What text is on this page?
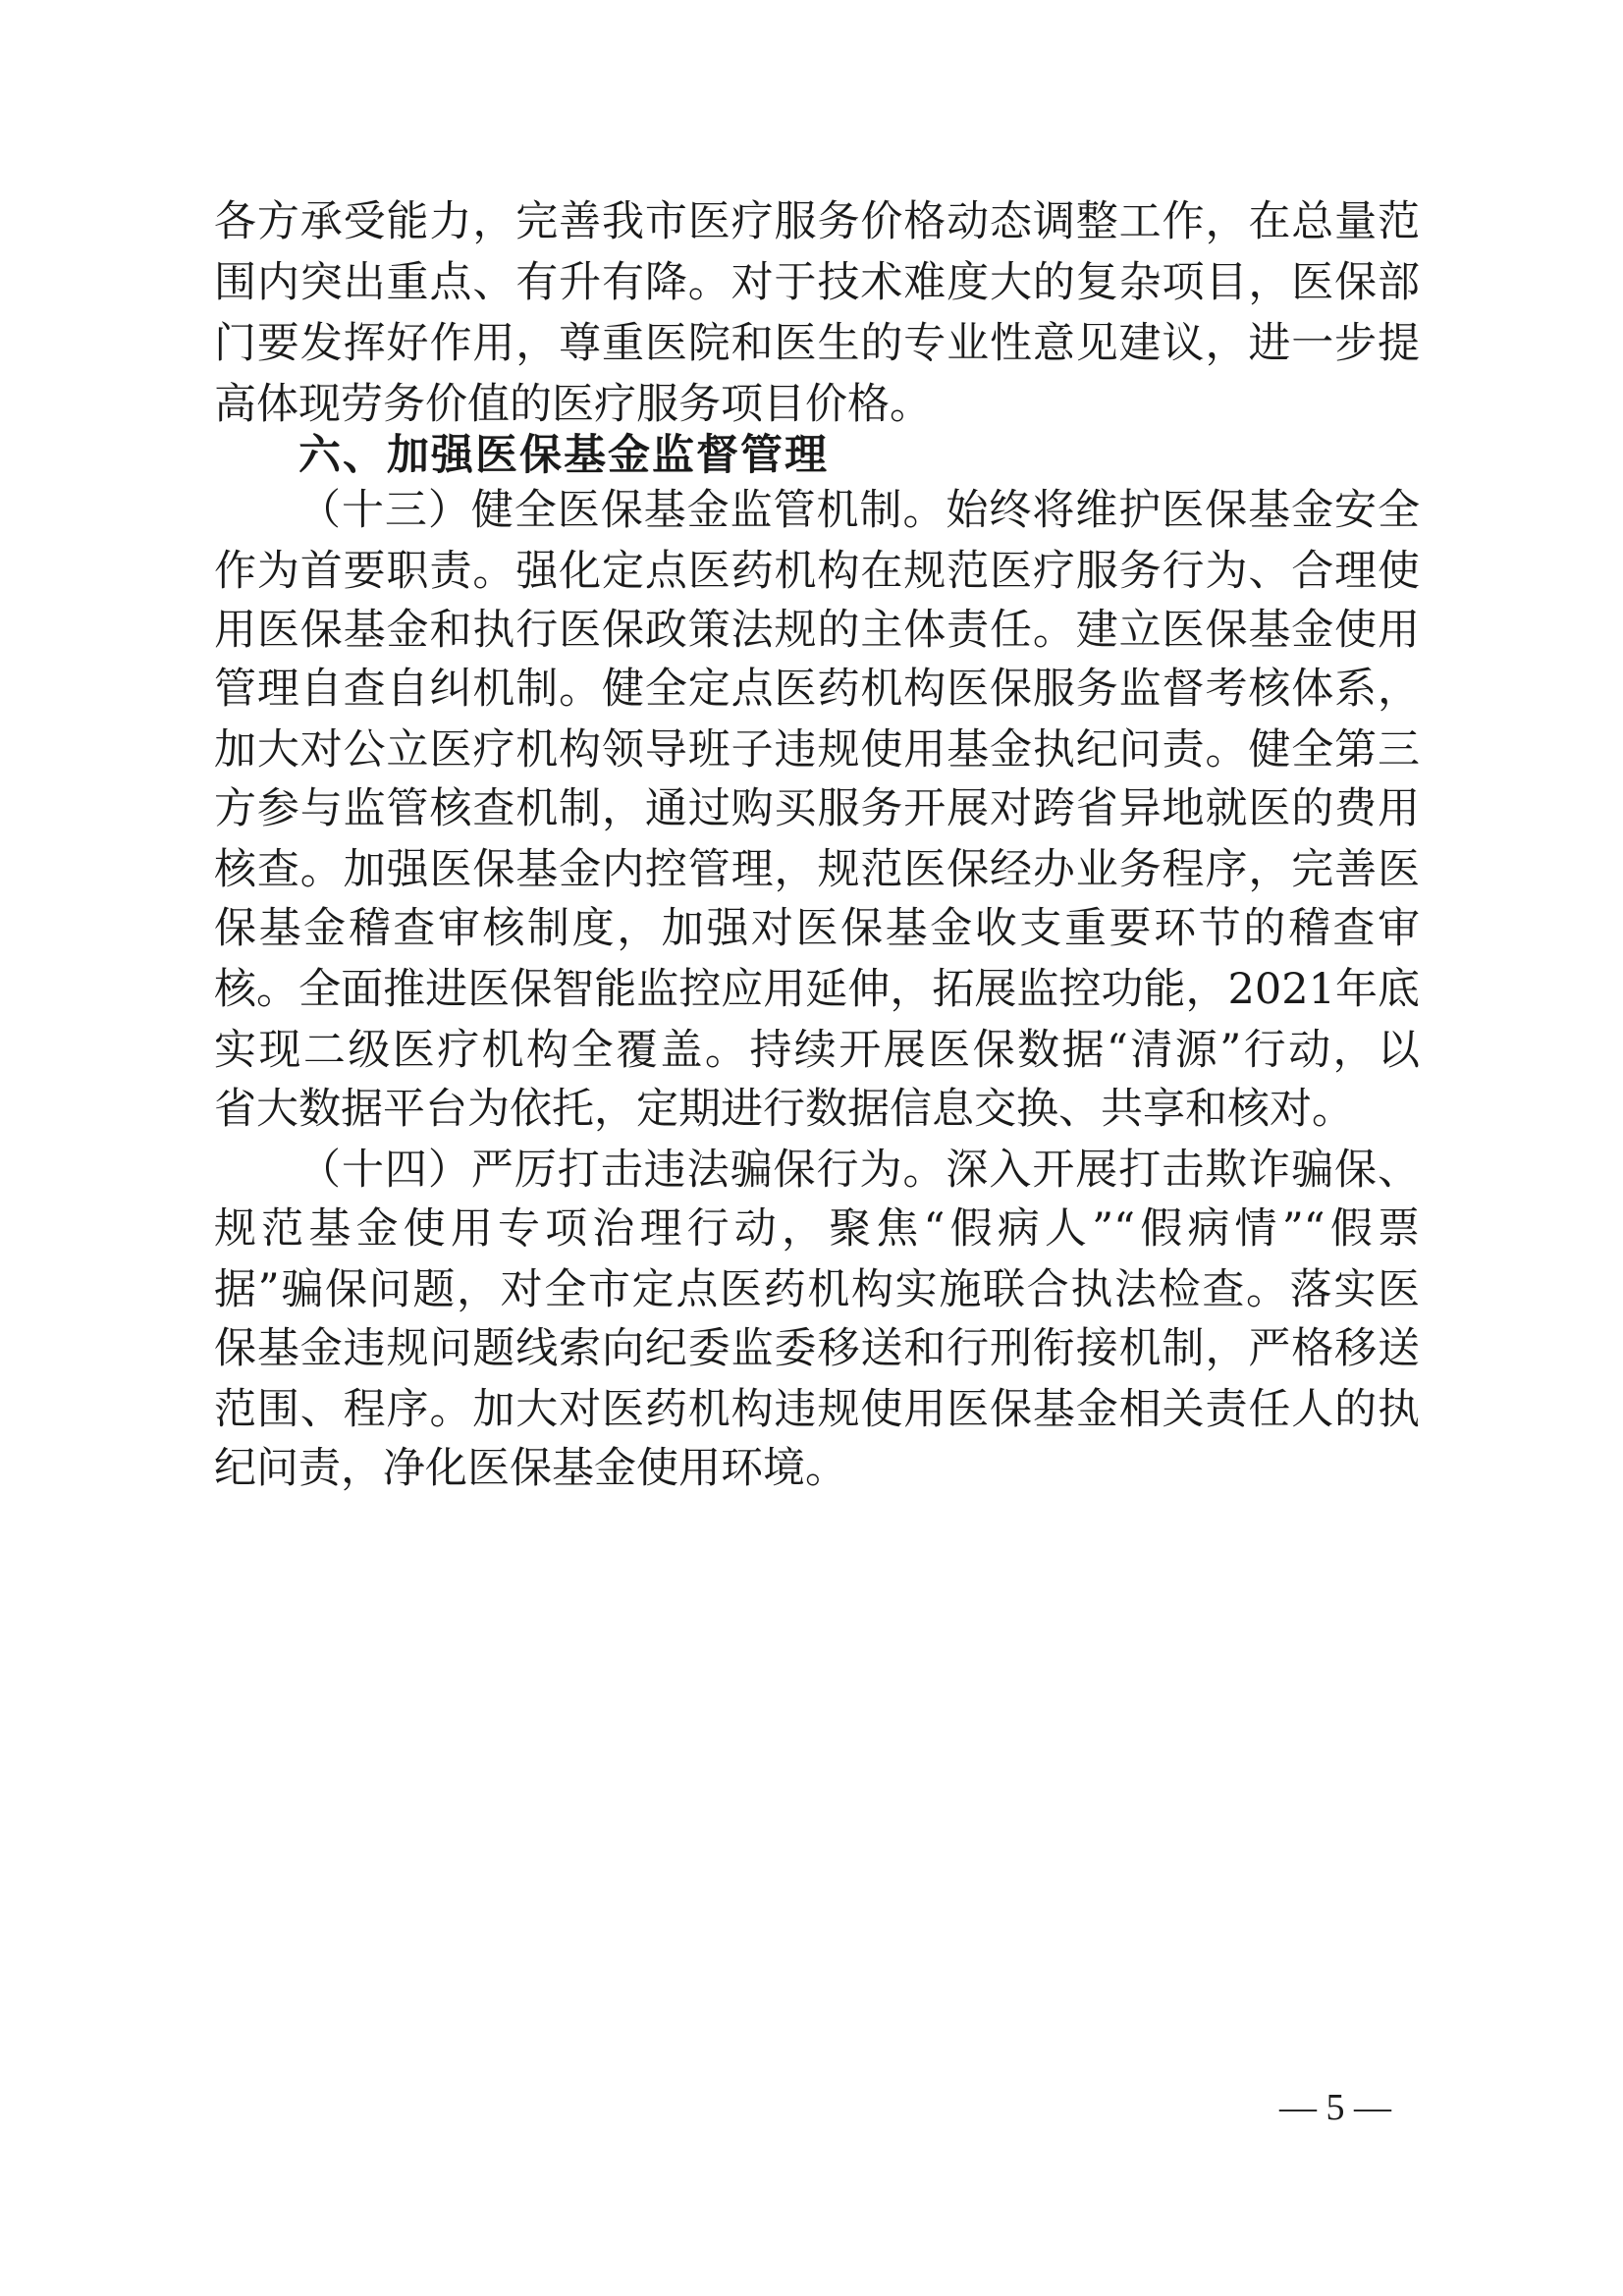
各方承受能力，完善我市医疗服务价格动态调整工作，在总量范
围内突出重点、有升有降。对于技术难度大的复杂项目，医保部
门要发挥好作用，尊重医院和医生的专业性意见建议，进一步提
高体现劳务价值的医疗服务项目价格。
六、加强医保基金监督管理
（十三）健全医保基金监管机制。始终将维护医保基金安全
作为首要职责。强化定点医药机构在规范医疗服务行为、合理使
用医保基金和执行医保政策法规的主体责任。建立医保基金使用
管理自查自纠机制。健全定点医药机构医保服务监督考核体系，
加大对公立医疗机构领导班子违规使用基金执纪问责。健全第三
方参与监管核查机制，通过购买服务开展对跨省异地就医的费用
核查。加强医保基金内控管理，规范医保经办业务程序，完善医
保基金稽查审核制度，加强对医保基金收支重要环节的稽查审
核。全面推进医保智能监控应用延伸，拓展监控功能，2021年底
实现二级医疗机构全覆盖。持续开展医保数据“清源”行动，以
省大数据平台为依托，定期进行数据信息交换、共享和核对。
（十四）严厉打击违法骗保行为。深入开展打击欺诈骗保、
规范基金使用专项治理行动，聚焦“假病人”“假病情”“假票
据”骗保问题，对全市定点医药机构实施联合执法检查。落实医
保基金违规问题线索向纪委监委移送和行刑衔接机制，严格移送
范围、程序。加大对医药机构违规使用医保基金相关责任人的执
纪问责，净化医保基金使用环境。
— 5 —
